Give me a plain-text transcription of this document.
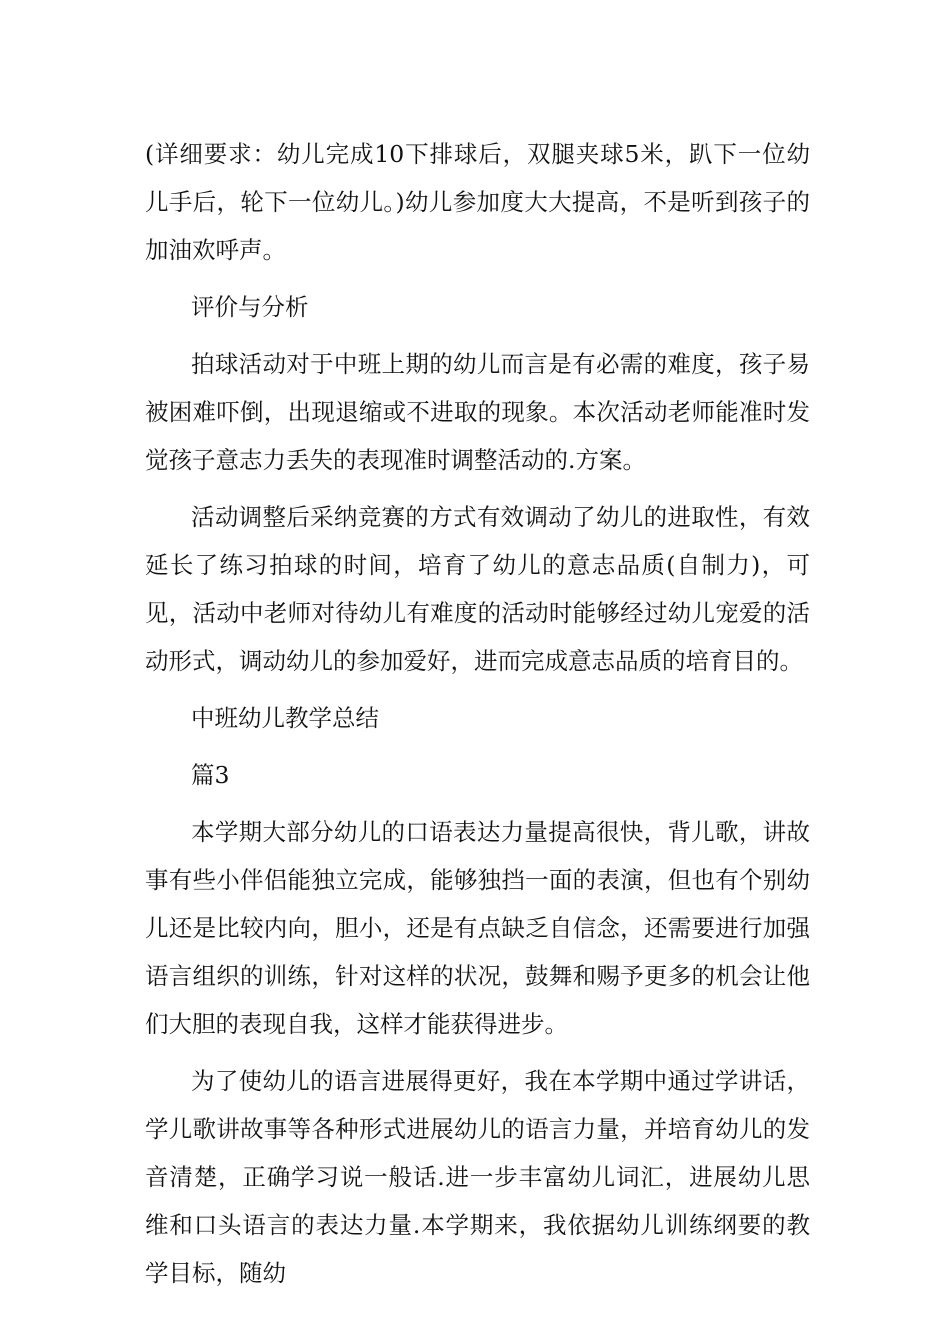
(详细要求：幼儿完成10下排球后，双腿夹球5米，趴下一位幼儿手后，轮下一位幼儿。)幼儿参加度大大提高，不是听到孩子的加油欢呼声。

评价与分析

拍球活动对于中班上期的幼儿而言是有必需的难度，孩子易被困难吓倒，出现退缩或不进取的现象。本次活动老师能准时发觉孩子意志力丢失的表现准时调整活动的.方案。

活动调整后采纳竞赛的方式有效调动了幼儿的进取性，有效延长了练习拍球的时间，培育了幼儿的意志品质(自制力)，可见，活动中老师对待幼儿有难度的活动时能够经过幼儿宠爱的活动形式，调动幼儿的参加爱好，进而完成意志品质的培育目的。

中班幼儿教学总结

篇3

本学期大部分幼儿的口语表达力量提高很快，背儿歌，讲故事有些小伴侣能独立完成，能够独挡一面的表演，但也有个别幼儿还是比较内向，胆小，还是有点缺乏自信念，还需要进行加强语言组织的训练，针对这样的状况，鼓舞和赐予更多的机会让他们大胆的表现自我，这样才能获得进步。

为了使幼儿的语言进展得更好，我在本学期中通过学讲话，学儿歌讲故事等各种形式进展幼儿的语言力量，并培育幼儿的发音清楚，正确学习说一般话.进一步丰富幼儿词汇，进展幼儿思维和口头语言的表达力量.本学期来，我依据幼儿训练纲要的教学目标，随幼
